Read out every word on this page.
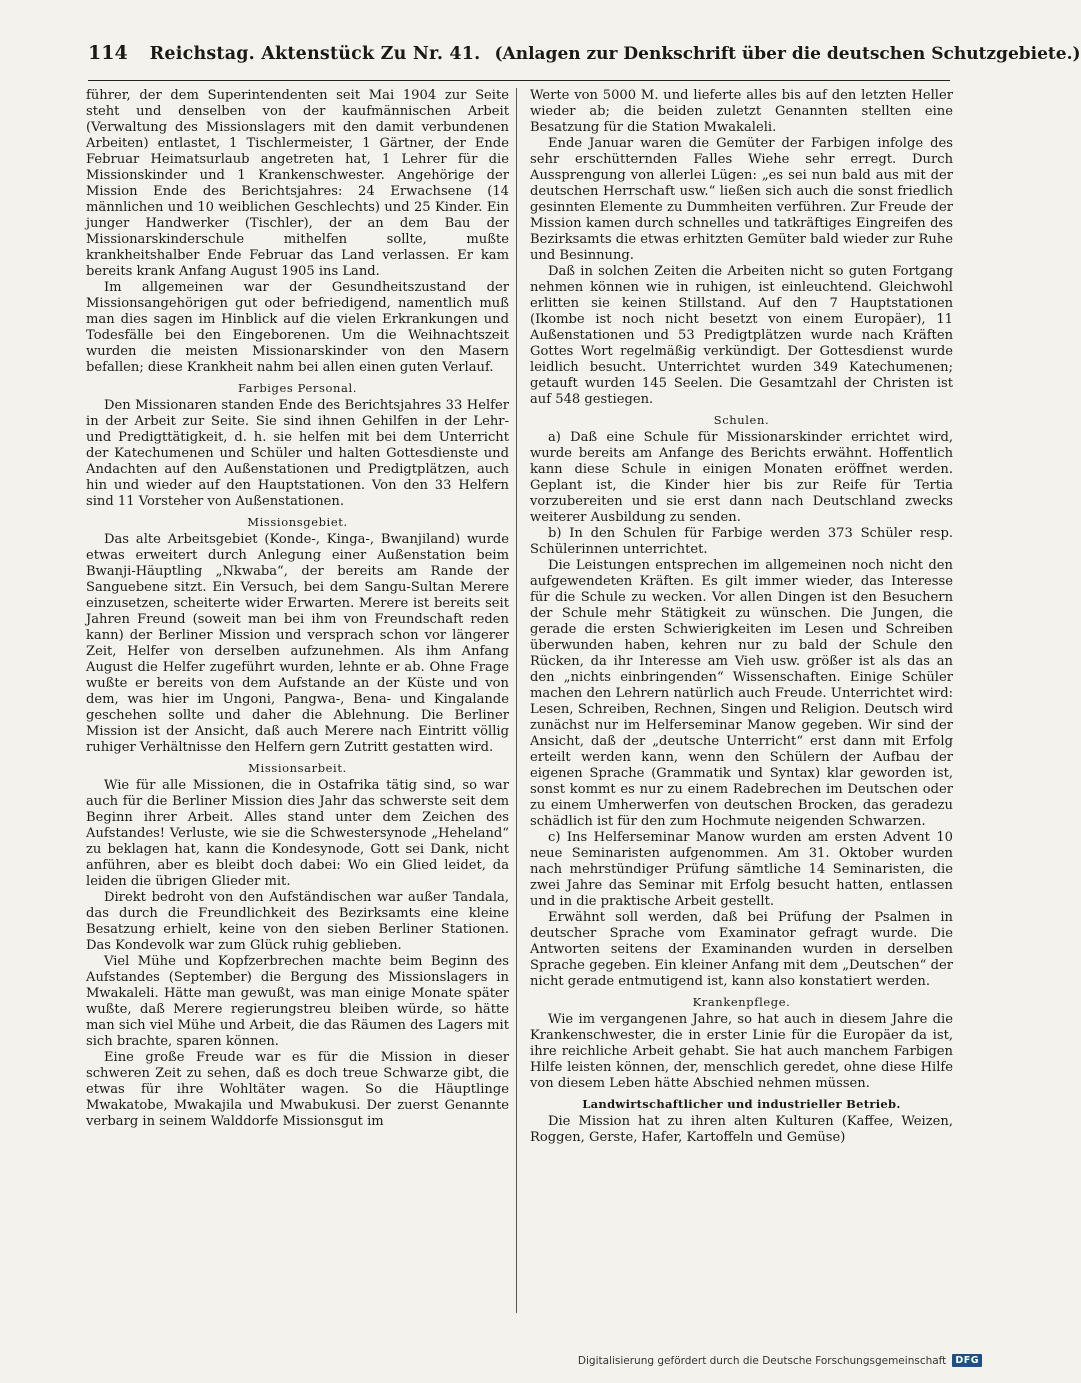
114 Reichstag. Aktenstück Zu Nr. 41. (Anlagen zur Denkschrift über die deutschen Schutzgebiete.)

führer, der dem Superintendenten seit Mai 1904 zur Seite steht und denselben von der kaufmännischen Arbeit (Verwaltung des Missionslagers mit den damit verbundenen Arbeiten) entlastet, 1 Tischlermeister, 1 Gärtner, der Ende Februar Heimatsurlaub angetreten hat, 1 Lehrer für die Missionskinder und 1 Krankenschwester. Angehörige der Mission Ende des Berichtsjahres: 24 Erwachsene (14 männlichen und 10 weiblichen Geschlechts) und 25 Kinder. Ein junger Handwerker (Tischler), der an dem Bau der Missionarskinderschule mithelfen sollte, mußte krankheitshalber Ende Februar das Land verlassen. Er kam bereits krank Anfang August 1905 ins Land.

Im allgemeinen war der Gesundheitszustand der Missionsangehörigen gut oder befriedigend, namentlich muß man dies sagen im Hinblick auf die vielen Erkrankungen und Todesfälle bei den Eingeborenen. Um die Weihnachtszeit wurden die meisten Missionarskinder von den Masern befallen; diese Krankheit nahm bei allen einen guten Verlauf.

Farbiges Personal.

Den Missionaren standen Ende des Berichtsjahres 33 Helfer in der Arbeit zur Seite. Sie sind ihnen Gehilfen in der Lehr- und Predigttätigkeit, d. h. sie helfen mit bei dem Unterricht der Katechumenen und Schüler und halten Gottesdienste und Andachten auf den Außenstationen und Predigtplätzen, auch hin und wieder auf den Hauptstationen. Von den 33 Helfern sind 11 Vorsteher von Außenstationen.

Missionsgebiet.

Das alte Arbeitsgebiet (Konde-, Kinga-, Bwanjiland) wurde etwas erweitert durch Anlegung einer Außenstation beim Bwanji-Häuptling „Nkwaba“, der bereits am Rande der Sanguebene sitzt. Ein Versuch, bei dem Sangu-Sultan Merere einzusetzen, scheiterte wider Erwarten. Merere ist bereits seit Jahren Freund (soweit man bei ihm von Freundschaft reden kann) der Berliner Mission und versprach schon vor längerer Zeit, Helfer von derselben aufzunehmen. Als ihm Anfang August die Helfer zugeführt wurden, lehnte er ab. Ohne Frage wußte er bereits von dem Aufstande an der Küste und von dem, was hier im Ungoni, Pangwa-, Bena- und Kingalande geschehen sollte und daher die Ablehnung. Die Berliner Mission ist der Ansicht, daß auch Merere nach Eintritt völlig ruhiger Verhältnisse den Helfern gern Zutritt gestatten wird.

Missionsarbeit.

Wie für alle Missionen, die in Ostafrika tätig sind, so war auch für die Berliner Mission dies Jahr das schwerste seit dem Beginn ihrer Arbeit. Alles stand unter dem Zeichen des Aufstandes! Verluste, wie sie die Schwestersynode „Heheland“ zu beklagen hat, kann die Kondesynode, Gott sei Dank, nicht anführen, aber es bleibt doch dabei: Wo ein Glied leidet, da leiden die übrigen Glieder mit.

Direkt bedroht von den Aufständischen war außer Tandala, das durch die Freundlichkeit des Bezirksamts eine kleine Besatzung erhielt, keine von den sieben Berliner Stationen. Das Kondevolk war zum Glück ruhig geblieben.

Viel Mühe und Kopfzerbrechen machte beim Beginn des Aufstandes (September) die Bergung des Missionslagers in Mwakaleli. Hätte man gewußt, was man einige Monate später wußte, daß Merere regierungstreu bleiben würde, so hätte man sich viel Mühe und Arbeit, die das Räumen des Lagers mit sich brachte, sparen können.

Eine große Freude war es für die Mission in dieser schweren Zeit zu sehen, daß es doch treue Schwarze gibt, die etwas für ihre Wohltäter wagen. So die Häuptlinge Mwakatobe, Mwakajila und Mwabukusi. Der zuerst Genannte verbarg in seinem Walddorfe Missionsgut im

Werte von 5000 M. und lieferte alles bis auf den letzten Heller wieder ab; die beiden zuletzt Genannten stellten eine Besatzung für die Station Mwakaleli.

Ende Januar waren die Gemüter der Farbigen infolge des sehr erschütternden Falles Wiehe sehr erregt. Durch Aussprengung von allerlei Lügen: „es sei nun bald aus mit der deutschen Herrschaft usw.“ ließen sich auch die sonst friedlich gesinnten Elemente zu Dummheiten verführen. Zur Freude der Mission kamen durch schnelles und tatkräftiges Eingreifen des Bezirksamts die etwas erhitzten Gemüter bald wieder zur Ruhe und Besinnung.

Daß in solchen Zeiten die Arbeiten nicht so guten Fortgang nehmen können wie in ruhigen, ist einleuchtend. Gleichwohl erlitten sie keinen Stillstand. Auf den 7 Hauptstationen (Ikombe ist noch nicht besetzt von einem Europäer), 11 Außenstationen und 53 Predigtplätzen wurde nach Kräften Gottes Wort regelmäßig verkündigt. Der Gottesdienst wurde leidlich besucht. Unterrichtet wurden 349 Katechumenen; getauft wurden 145 Seelen. Die Gesamtzahl der Christen ist auf 548 gestiegen.

Schulen.

a) Daß eine Schule für Missionarskinder errichtet wird, wurde bereits am Anfange des Berichts erwähnt. Hoffentlich kann diese Schule in einigen Monaten eröffnet werden. Geplant ist, die Kinder hier bis zur Reife für Tertia vorzubereiten und sie erst dann nach Deutschland zwecks weiterer Ausbildung zu senden.

b) In den Schulen für Farbige werden 373 Schüler resp. Schülerinnen unterrichtet.

Die Leistungen entsprechen im allgemeinen noch nicht den aufgewendeten Kräften. Es gilt immer wieder, das Interesse für die Schule zu wecken. Vor allen Dingen ist den Besuchern der Schule mehr Stätigkeit zu wünschen. Die Jungen, die gerade die ersten Schwierigkeiten im Lesen und Schreiben überwunden haben, kehren nur zu bald der Schule den Rücken, da ihr Interesse am Vieh usw. größer ist als das an den „nichts einbringenden“ Wissenschaften. Einige Schüler machen den Lehrern natürlich auch Freude. Unterrichtet wird: Lesen, Schreiben, Rechnen, Singen und Religion. Deutsch wird zunächst nur im Helferseminar Manow gegeben. Wir sind der Ansicht, daß der „deutsche Unterricht“ erst dann mit Erfolg erteilt werden kann, wenn den Schülern der Aufbau der eigenen Sprache (Grammatik und Syntax) klar geworden ist, sonst kommt es nur zu einem Radebrechen im Deutschen oder zu einem Umherwerfen von deutschen Brocken, das geradezu schädlich ist für den zum Hochmute neigenden Schwarzen.

c) Ins Helferseminar Manow wurden am ersten Advent 10 neue Seminaristen aufgenommen. Am 31. Oktober wurden nach mehrstündiger Prüfung sämtliche 14 Seminaristen, die zwei Jahre das Seminar mit Erfolg besucht hatten, entlassen und in die praktische Arbeit gestellt.

Erwähnt soll werden, daß bei Prüfung der Psalmen in deutscher Sprache vom Examinator gefragt wurde. Die Antworten seitens der Examinanden wurden in derselben Sprache gegeben. Ein kleiner Anfang mit dem „Deutschen“ der nicht gerade entmutigend ist, kann also konstatiert werden.

Krankenpflege.

Wie im vergangenen Jahre, so hat auch in diesem Jahre die Krankenschwester, die in erster Linie für die Europäer da ist, ihre reichliche Arbeit gehabt. Sie hat auch manchem Farbigen Hilfe leisten können, der, menschlich geredet, ohne diese Hilfe von diesem Leben hätte Abschied nehmen müssen.

Landwirtschaftlicher und industrieller Betrieb.

Die Mission hat zu ihren alten Kulturen (Kaffee, Weizen, Roggen, Gerste, Hafer, Kartoffeln und Gemüse)

Digitalisierung gefördert durch die Deutsche Forschungsgemeinschaft DFG
